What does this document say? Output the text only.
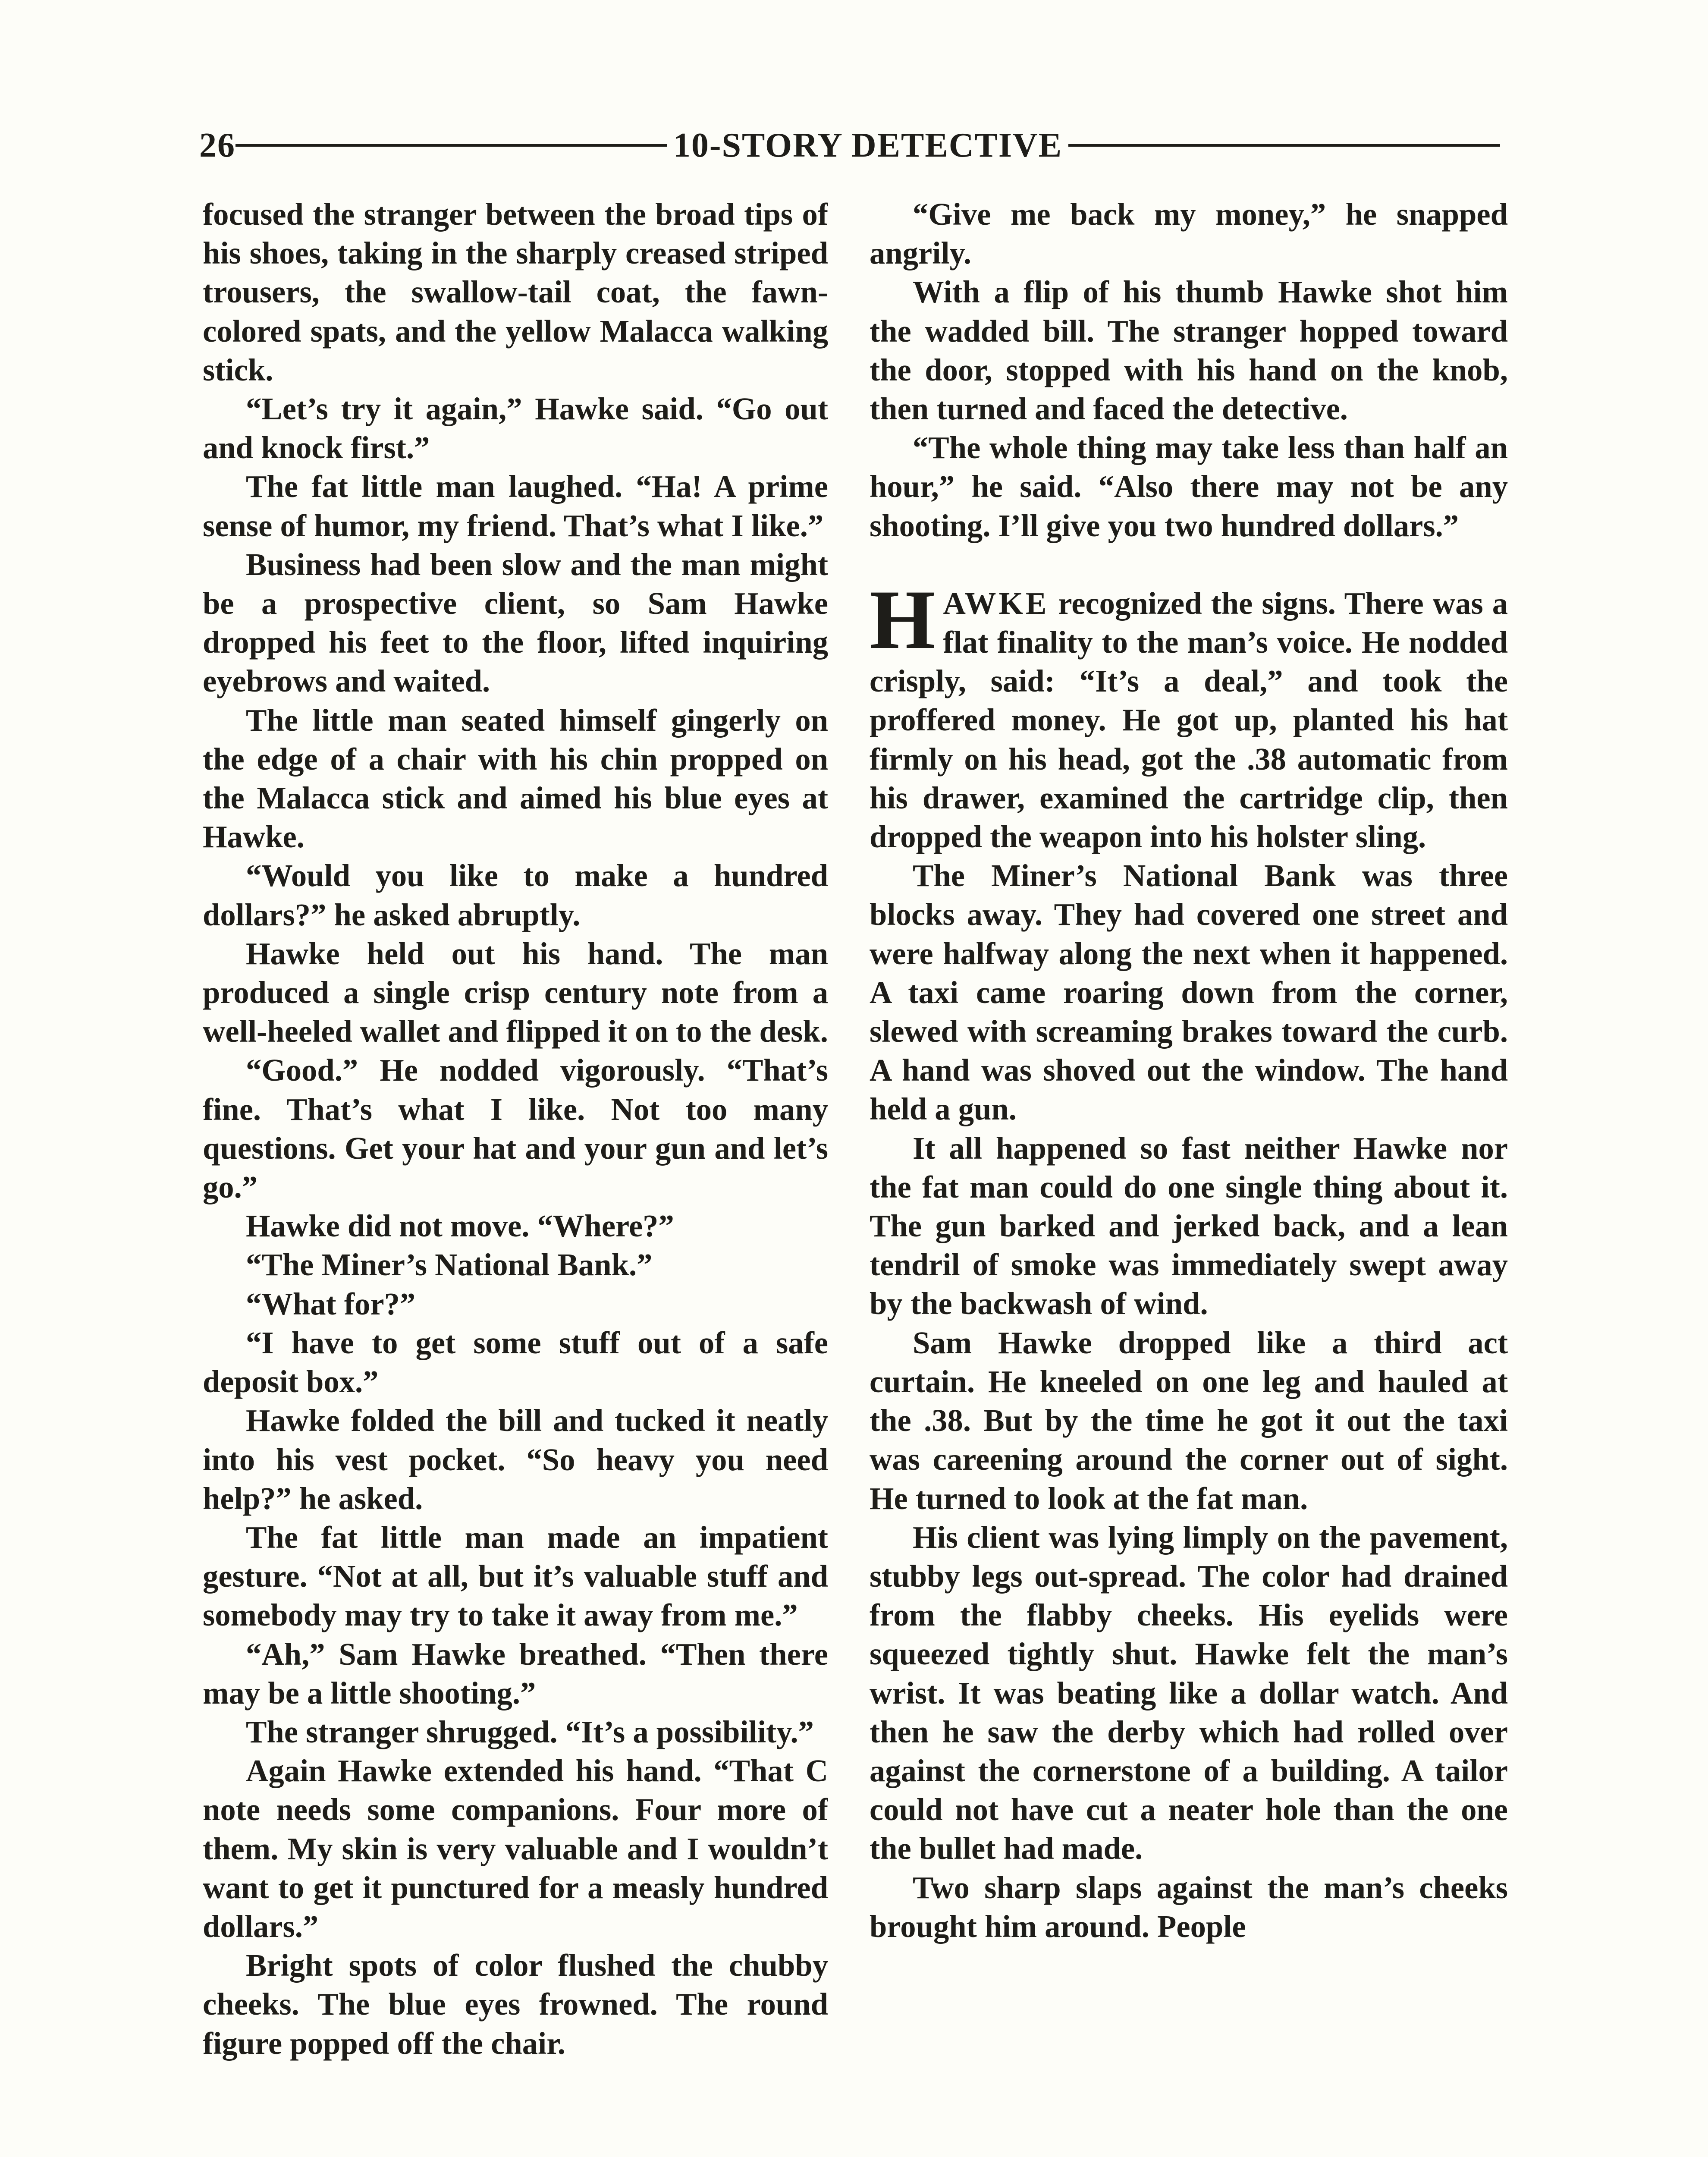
26	10-STORY DETECTIVE

focused the stranger between the broad tips of his shoes, taking in the sharply creased striped trousers, the swallow-tail coat, the fawn-colored spats, and the yellow Malacca walking stick.

“Let’s try it again,” Hawke said. “Go out and knock first.”

The fat little man laughed. “Ha! A prime sense of humor, my friend. That’s what I like.”

Business had been slow and the man might be a prospective client, so Sam Hawke dropped his feet to the floor, lifted inquiring eyebrows and waited.

The little man seated himself gingerly on the edge of a chair with his chin propped on the Malacca stick and aimed his blue eyes at Hawke.

“Would you like to make a hundred dollars?” he asked abruptly.

Hawke held out his hand. The man produced a single crisp century note from a well-heeled wallet and flipped it on to the desk.

“Good.” He nodded vigorously. “That’s fine. That’s what I like. Not too many questions. Get your hat and your gun and let’s go.”

Hawke did not move. “Where?”

“The Miner’s National Bank.”

“What for?”

“I have to get some stuff out of a safe deposit box.”

Hawke folded the bill and tucked it neatly into his vest pocket. “So heavy you need help?” he asked.

The fat little man made an impatient gesture. “Not at all, but it’s valuable stuff and somebody may try to take it away from me.”

“Ah,” Sam Hawke breathed. “Then there may be a little shooting.”

The stranger shrugged. “It’s a possibility.”

Again Hawke extended his hand. “That C note needs some companions. Four more of them. My skin is very valuable and I wouldn’t want to get it punctured for a measly hundred dollars.”

Bright spots of color flushed the chubby cheeks. The blue eyes frowned. The round figure popped off the chair.

“Give me back my money,” he snapped angrily.

With a flip of his thumb Hawke shot him the wadded bill. The stranger hopped toward the door, stopped with his hand on the knob, then turned and faced the detective.

“The whole thing may take less than half an hour,” he said. “Also there may not be any shooting. I’ll give you two hundred dollars.”

HAWKE recognized the signs. There was a flat finality to the man’s voice. He nodded crisply, said: “It’s a deal,” and took the proffered money. He got up, planted his hat firmly on his head, got the .38 automatic from his drawer, examined the cartridge clip, then dropped the weapon into his holster sling.

The Miner’s National Bank was three blocks away. They had covered one street and were halfway along the next when it happened. A taxi came roaring down from the corner, slewed with screaming brakes toward the curb. A hand was shoved out the window. The hand held a gun.

It all happened so fast neither Hawke nor the fat man could do one single thing about it. The gun barked and jerked back, and a lean tendril of smoke was immediately swept away by the backwash of wind.

Sam Hawke dropped like a third act curtain. He kneeled on one leg and hauled at the .38. But by the time he got it out the taxi was careening around the corner out of sight. He turned to look at the fat man.

His client was lying limply on the pavement, stubby legs out-spread. The color had drained from the flabby cheeks. His eyelids were squeezed tightly shut. Hawke felt the man’s wrist. It was beating like a dollar watch. And then he saw the derby which had rolled over against the cornerstone of a building. A tailor could not have cut a neater hole than the one the bullet had made.

Two sharp slaps against the man’s cheeks brought him around. People
